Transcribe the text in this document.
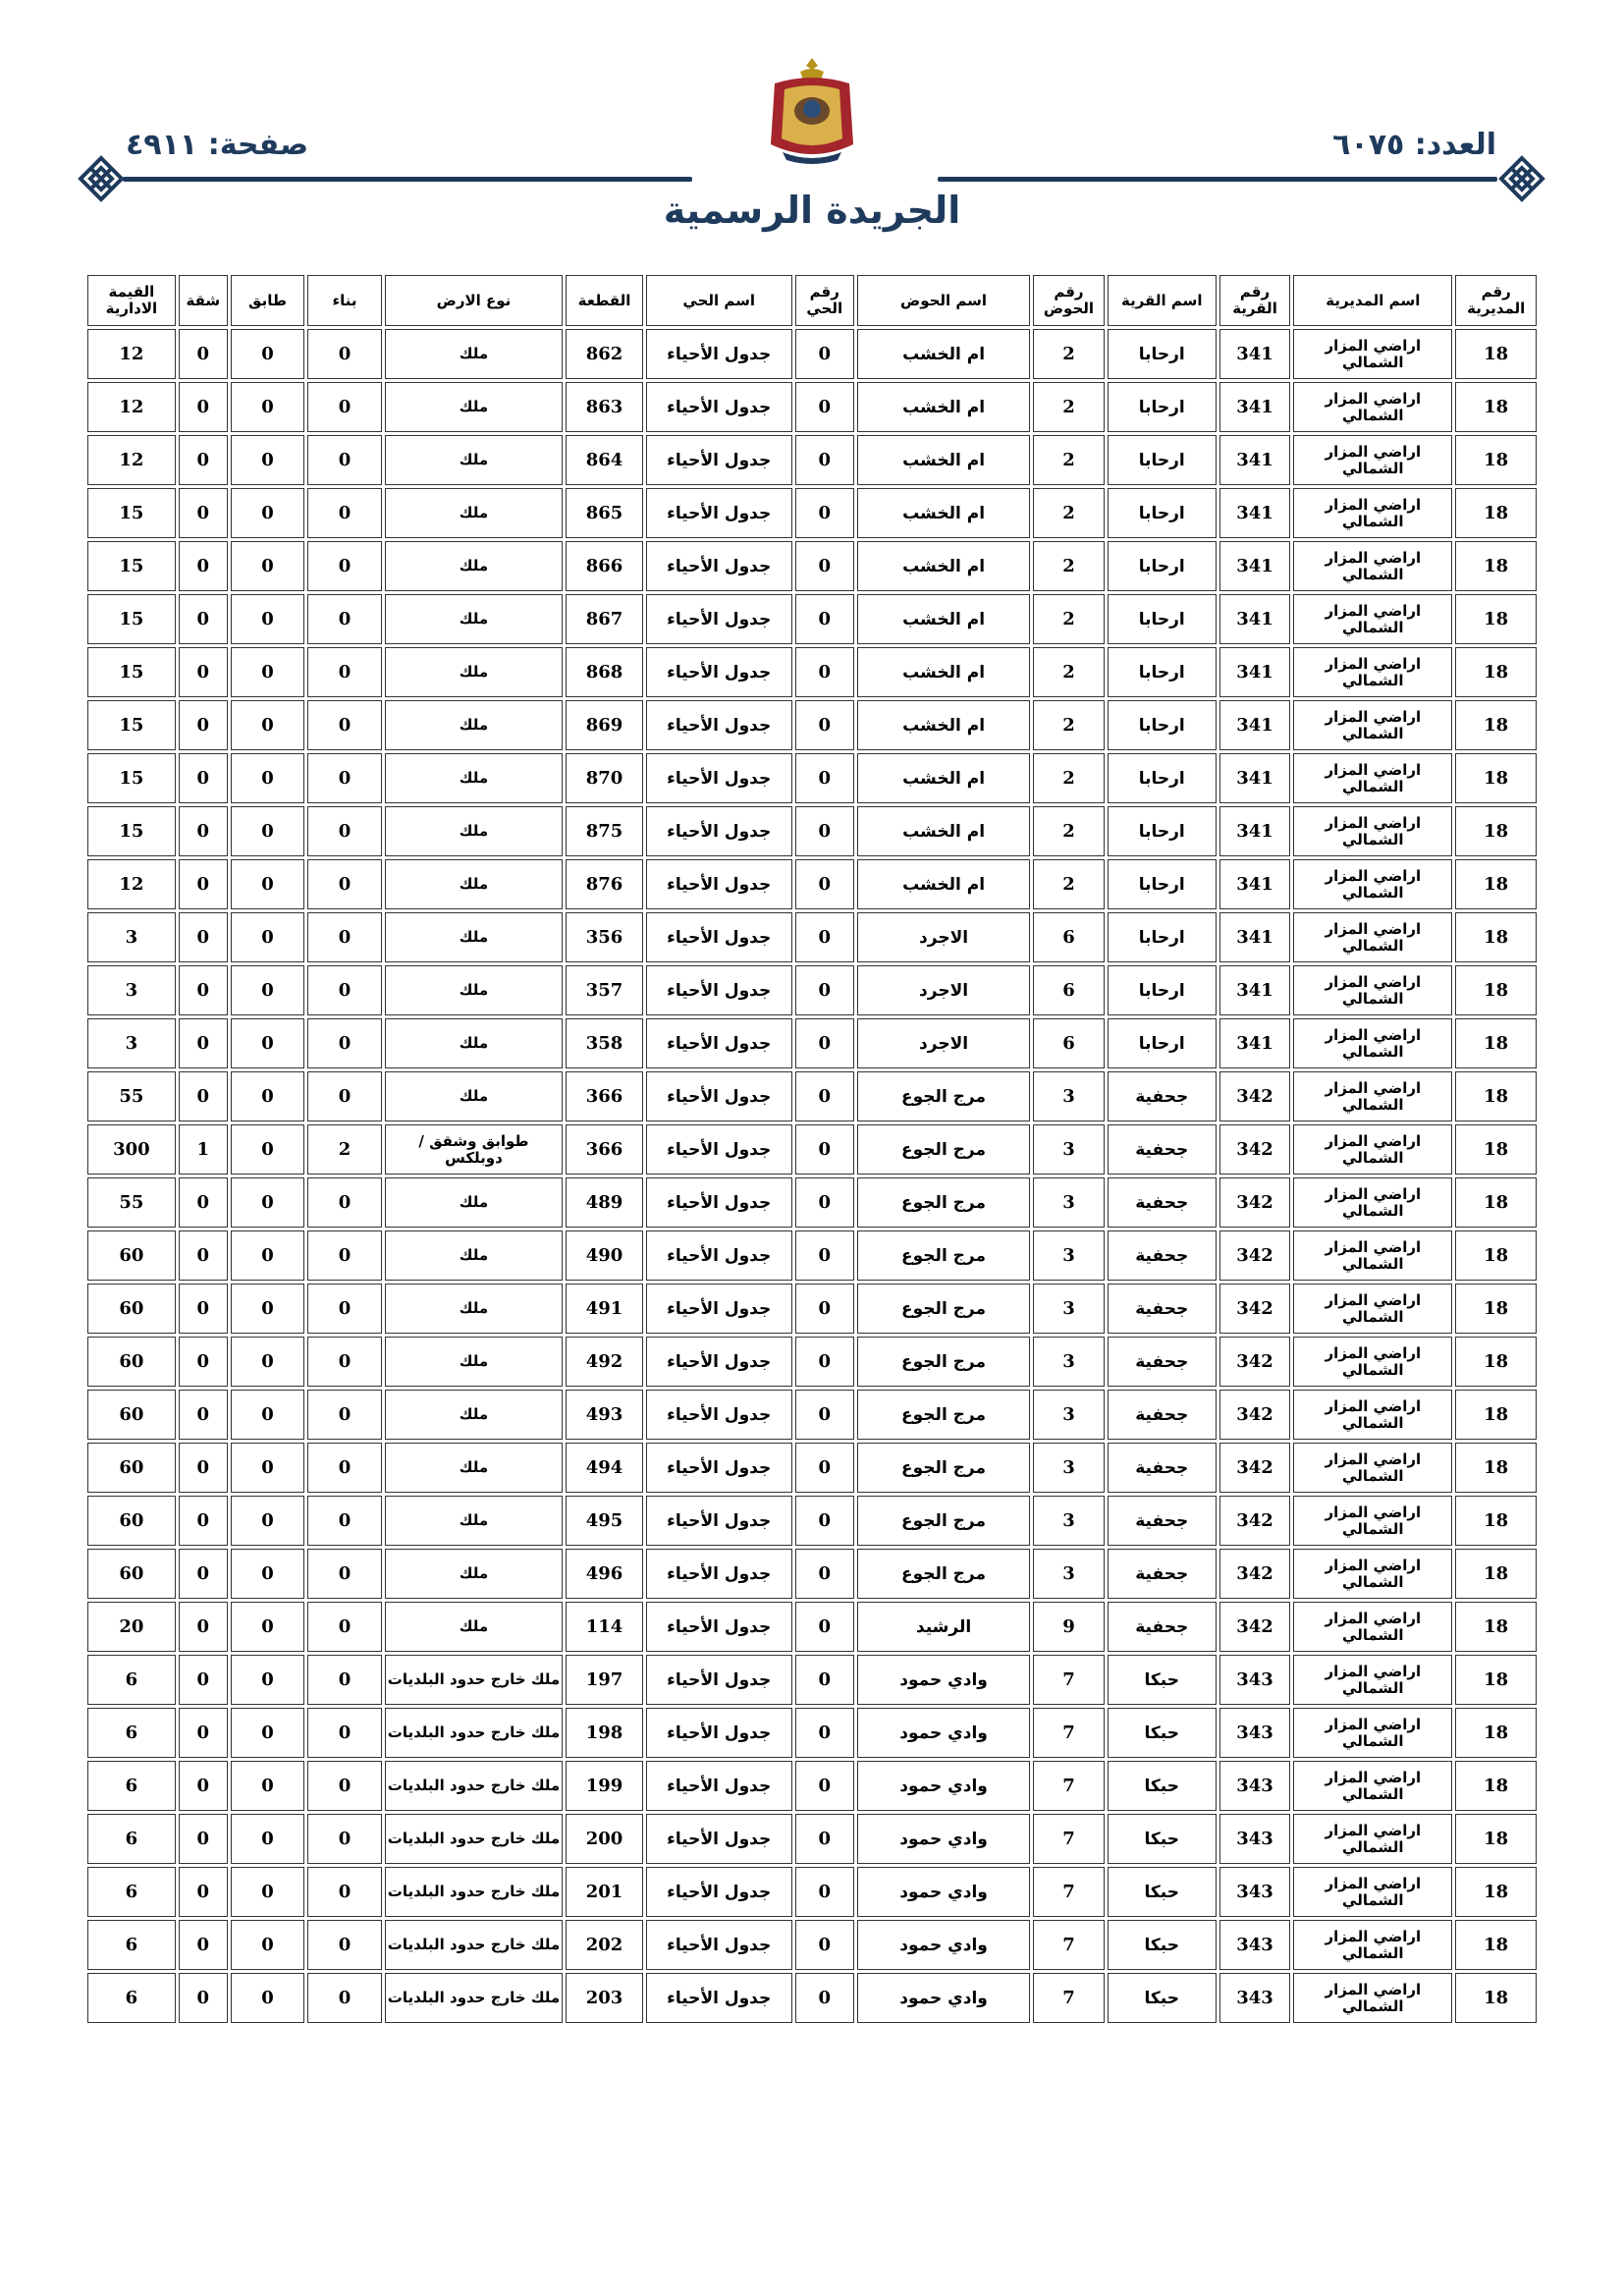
العدد: ٦٠٧٥
صفحة: ٤٩١١
الجريدة الرسمية
رقم المديرية	اسم المديرية	رقم القرية	اسم القرية	رقم الحوض	اسم الحوض	رقم الحي	اسم الحي	القطعة	نوع الارض	بناء	طابق	شقة	القيمة الادارية
18	اراضي المزار الشمالي	341	ارحابا	2	ام الخشب	0	جدول الأحياء	862	ملك	0	0	0	12
18	اراضي المزار الشمالي	341	ارحابا	2	ام الخشب	0	جدول الأحياء	863	ملك	0	0	0	12
18	اراضي المزار الشمالي	341	ارحابا	2	ام الخشب	0	جدول الأحياء	864	ملك	0	0	0	12
18	اراضي المزار الشمالي	341	ارحابا	2	ام الخشب	0	جدول الأحياء	865	ملك	0	0	0	15
18	اراضي المزار الشمالي	341	ارحابا	2	ام الخشب	0	جدول الأحياء	866	ملك	0	0	0	15
18	اراضي المزار الشمالي	341	ارحابا	2	ام الخشب	0	جدول الأحياء	867	ملك	0	0	0	15
18	اراضي المزار الشمالي	341	ارحابا	2	ام الخشب	0	جدول الأحياء	868	ملك	0	0	0	15
18	اراضي المزار الشمالي	341	ارحابا	2	ام الخشب	0	جدول الأحياء	869	ملك	0	0	0	15
18	اراضي المزار الشمالي	341	ارحابا	2	ام الخشب	0	جدول الأحياء	870	ملك	0	0	0	15
18	اراضي المزار الشمالي	341	ارحابا	2	ام الخشب	0	جدول الأحياء	875	ملك	0	0	0	15
18	اراضي المزار الشمالي	341	ارحابا	2	ام الخشب	0	جدول الأحياء	876	ملك	0	0	0	12
18	اراضي المزار الشمالي	341	ارحابا	6	الاجرد	0	جدول الأحياء	356	ملك	0	0	0	3
18	اراضي المزار الشمالي	341	ارحابا	6	الاجرد	0	جدول الأحياء	357	ملك	0	0	0	3
18	اراضي المزار الشمالي	341	ارحابا	6	الاجرد	0	جدول الأحياء	358	ملك	0	0	0	3
18	اراضي المزار الشمالي	342	جحفية	3	مرج الجوع	0	جدول الأحياء	366	ملك	0	0	0	55
18	اراضي المزار الشمالي	342	جحفية	3	مرج الجوع	0	جدول الأحياء	366	طوابق وشقق / دوبلكس	2	0	1	300
18	اراضي المزار الشمالي	342	جحفية	3	مرج الجوع	0	جدول الأحياء	489	ملك	0	0	0	55
18	اراضي المزار الشمالي	342	جحفية	3	مرج الجوع	0	جدول الأحياء	490	ملك	0	0	0	60
18	اراضي المزار الشمالي	342	جحفية	3	مرج الجوع	0	جدول الأحياء	491	ملك	0	0	0	60
18	اراضي المزار الشمالي	342	جحفية	3	مرج الجوع	0	جدول الأحياء	492	ملك	0	0	0	60
18	اراضي المزار الشمالي	342	جحفية	3	مرج الجوع	0	جدول الأحياء	493	ملك	0	0	0	60
18	اراضي المزار الشمالي	342	جحفية	3	مرج الجوع	0	جدول الأحياء	494	ملك	0	0	0	60
18	اراضي المزار الشمالي	342	جحفية	3	مرج الجوع	0	جدول الأحياء	495	ملك	0	0	0	60
18	اراضي المزار الشمالي	342	جحفية	3	مرج الجوع	0	جدول الأحياء	496	ملك	0	0	0	60
18	اراضي المزار الشمالي	342	جحفية	9	الرشيد	0	جدول الأحياء	114	ملك	0	0	0	20
18	اراضي المزار الشمالي	343	حبكا	7	وادي حمود	0	جدول الأحياء	197	ملك خارج حدود البلديات	0	0	0	6
18	اراضي المزار الشمالي	343	حبكا	7	وادي حمود	0	جدول الأحياء	198	ملك خارج حدود البلديات	0	0	0	6
18	اراضي المزار الشمالي	343	حبكا	7	وادي حمود	0	جدول الأحياء	199	ملك خارج حدود البلديات	0	0	0	6
18	اراضي المزار الشمالي	343	حبكا	7	وادي حمود	0	جدول الأحياء	200	ملك خارج حدود البلديات	0	0	0	6
18	اراضي المزار الشمالي	343	حبكا	7	وادي حمود	0	جدول الأحياء	201	ملك خارج حدود البلديات	0	0	0	6
18	اراضي المزار الشمالي	343	حبكا	7	وادي حمود	0	جدول الأحياء	202	ملك خارج حدود البلديات	0	0	0	6
18	اراضي المزار الشمالي	343	حبكا	7	وادي حمود	0	جدول الأحياء	203	ملك خارج حدود البلديات	0	0	0	6
